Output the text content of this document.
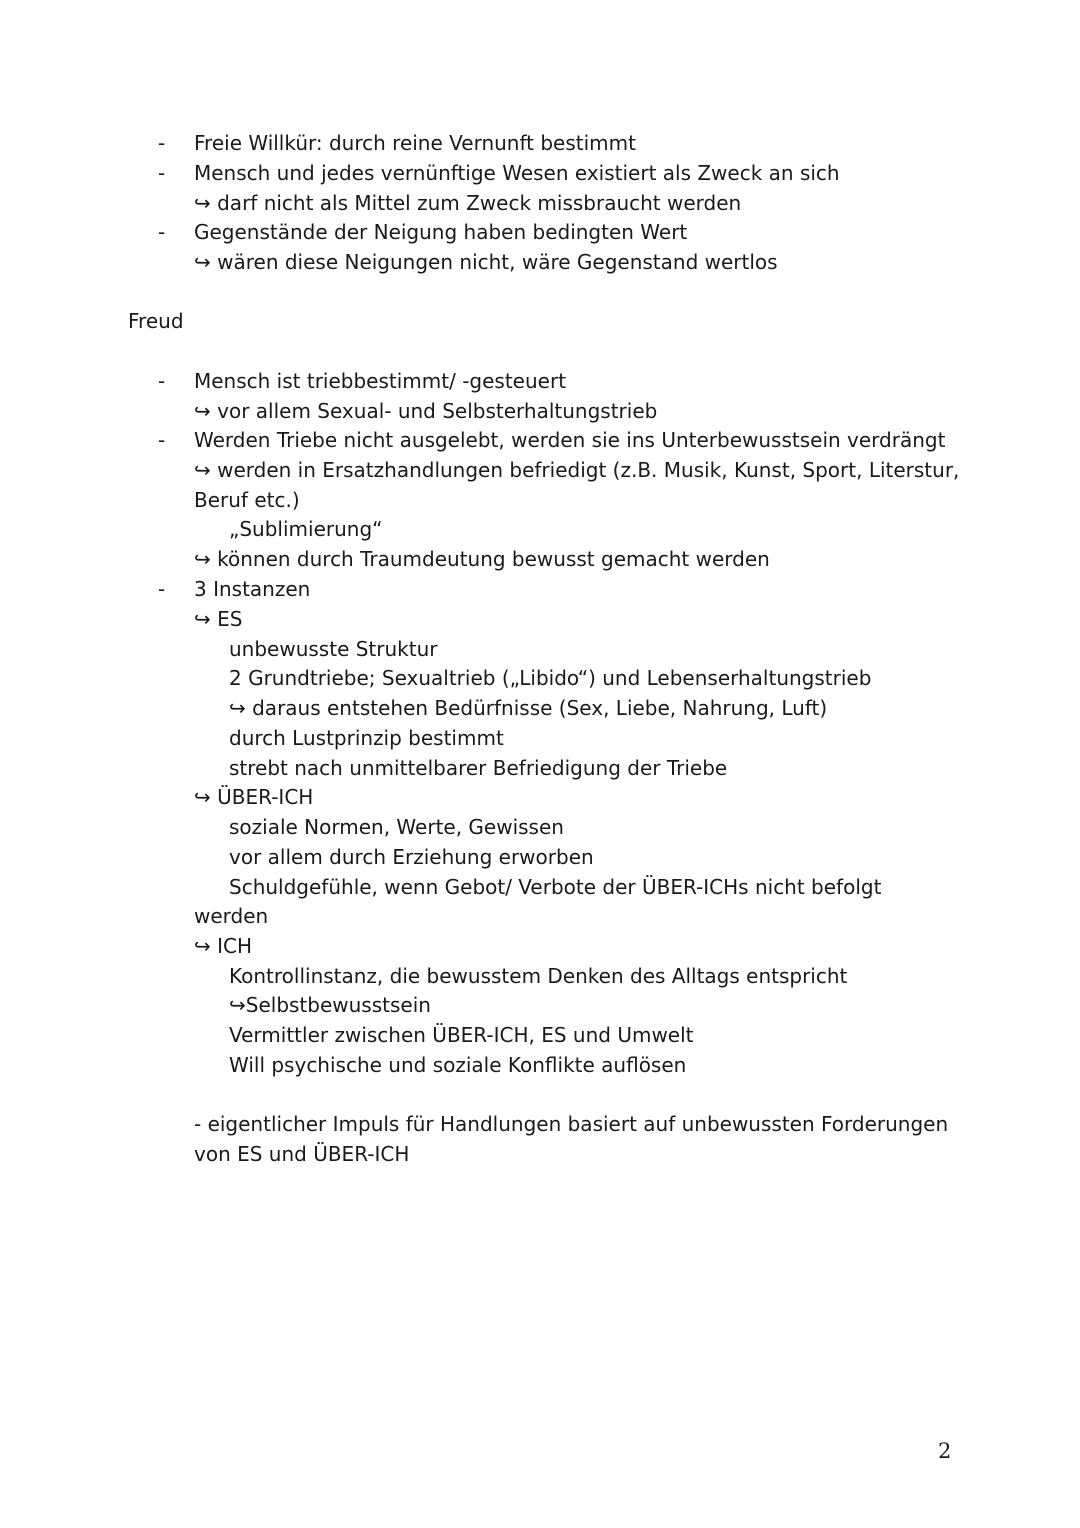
- Freie Willkür: durch reine Vernunft bestimmt
- Mensch und jedes vernünftige Wesen existiert als Zweck an sich
↪ darf nicht als Mittel zum Zweck missbraucht werden
- Gegenstände der Neigung haben bedingten Wert
↪ wären diese Neigungen nicht, wäre Gegenstand wertlos
Freud
- Mensch ist triebbestimmt/ -gesteuert
↪ vor allem Sexual- und Selbsterhaltungstrieb
- Werden Triebe nicht ausgelebt, werden sie ins Unterbewusstsein verdrängt
↪ werden in Ersatzhandlungen befriedigt (z.B. Musik, Kunst, Sport, Literstur,
Beruf etc.)
„Sublimierung“
↪ können durch Traumdeutung bewusst gemacht werden
- 3 Instanzen
↪ ES
unbewusste Struktur
2 Grundtriebe; Sexualtrieb („Libido“) und Lebenserhaltungstrieb
↪ daraus entstehen Bedürfnisse (Sex, Liebe, Nahrung, Luft)
durch Lustprinzip bestimmt
strebt nach unmittelbarer Befriedigung der Triebe
↪ ÜBER-ICH
soziale Normen, Werte, Gewissen
vor allem durch Erziehung erworben
Schuldgefühle, wenn Gebot/ Verbote der ÜBER-ICHs nicht befolgt
werden
↪ ICH
Kontrollinstanz, die bewusstem Denken des Alltags entspricht
↪Selbstbewusstsein
Vermittler zwischen ÜBER-ICH, ES und Umwelt
Will psychische und soziale Konflikte auflösen
- eigentlicher Impuls für Handlungen basiert auf unbewussten Forderungen
von ES und ÜBER-ICH
2
